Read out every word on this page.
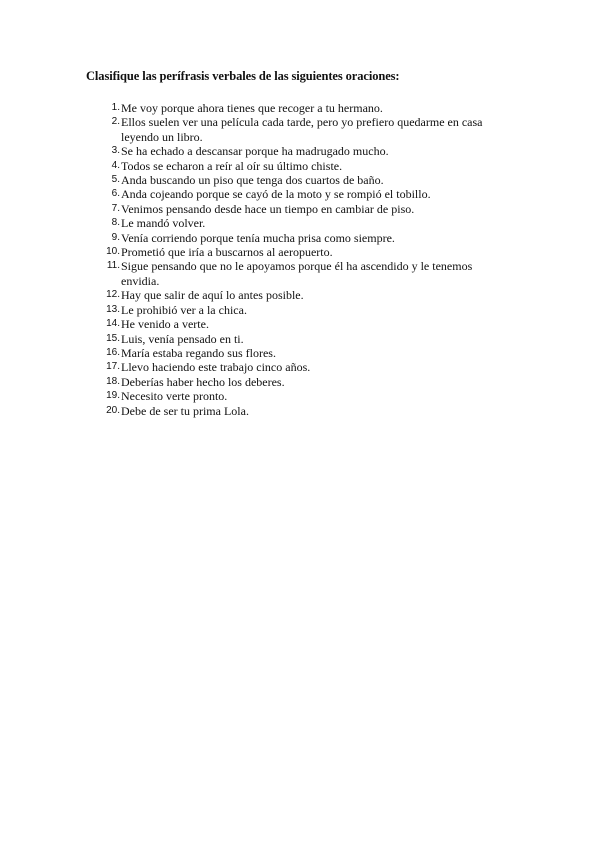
Clasifique las perífrasis verbales de las siguientes oraciones:

1. Me voy porque ahora tienes que recoger a tu hermano.
2. Ellos suelen ver una película cada tarde, pero yo prefiero quedarme en casa leyendo un libro.
3. Se ha echado a descansar porque ha madrugado mucho.
4. Todos se echaron a reír al oír su último chiste.
5. Anda buscando un piso que tenga dos cuartos de baño.
6. Anda cojeando porque se cayó de la moto y se rompió el tobillo.
7. Venimos pensando desde hace un tiempo en cambiar de piso.
8. Le mandó volver.
9. Venía corriendo porque tenía mucha prisa como siempre.
10. Prometió que iría a buscarnos al aeropuerto.
11. Sigue pensando que no le apoyamos porque él ha ascendido y le tenemos envidia.
12. Hay que salir de aquí lo antes posible.
13. Le prohibió ver a la chica.
14. He venido a verte.
15. Luis, venía pensado en ti.
16. María estaba regando sus flores.
17. Llevo haciendo este trabajo cinco años.
18. Deberías haber hecho los deberes.
19. Necesito verte pronto.
20. Debe de ser tu prima Lola.
